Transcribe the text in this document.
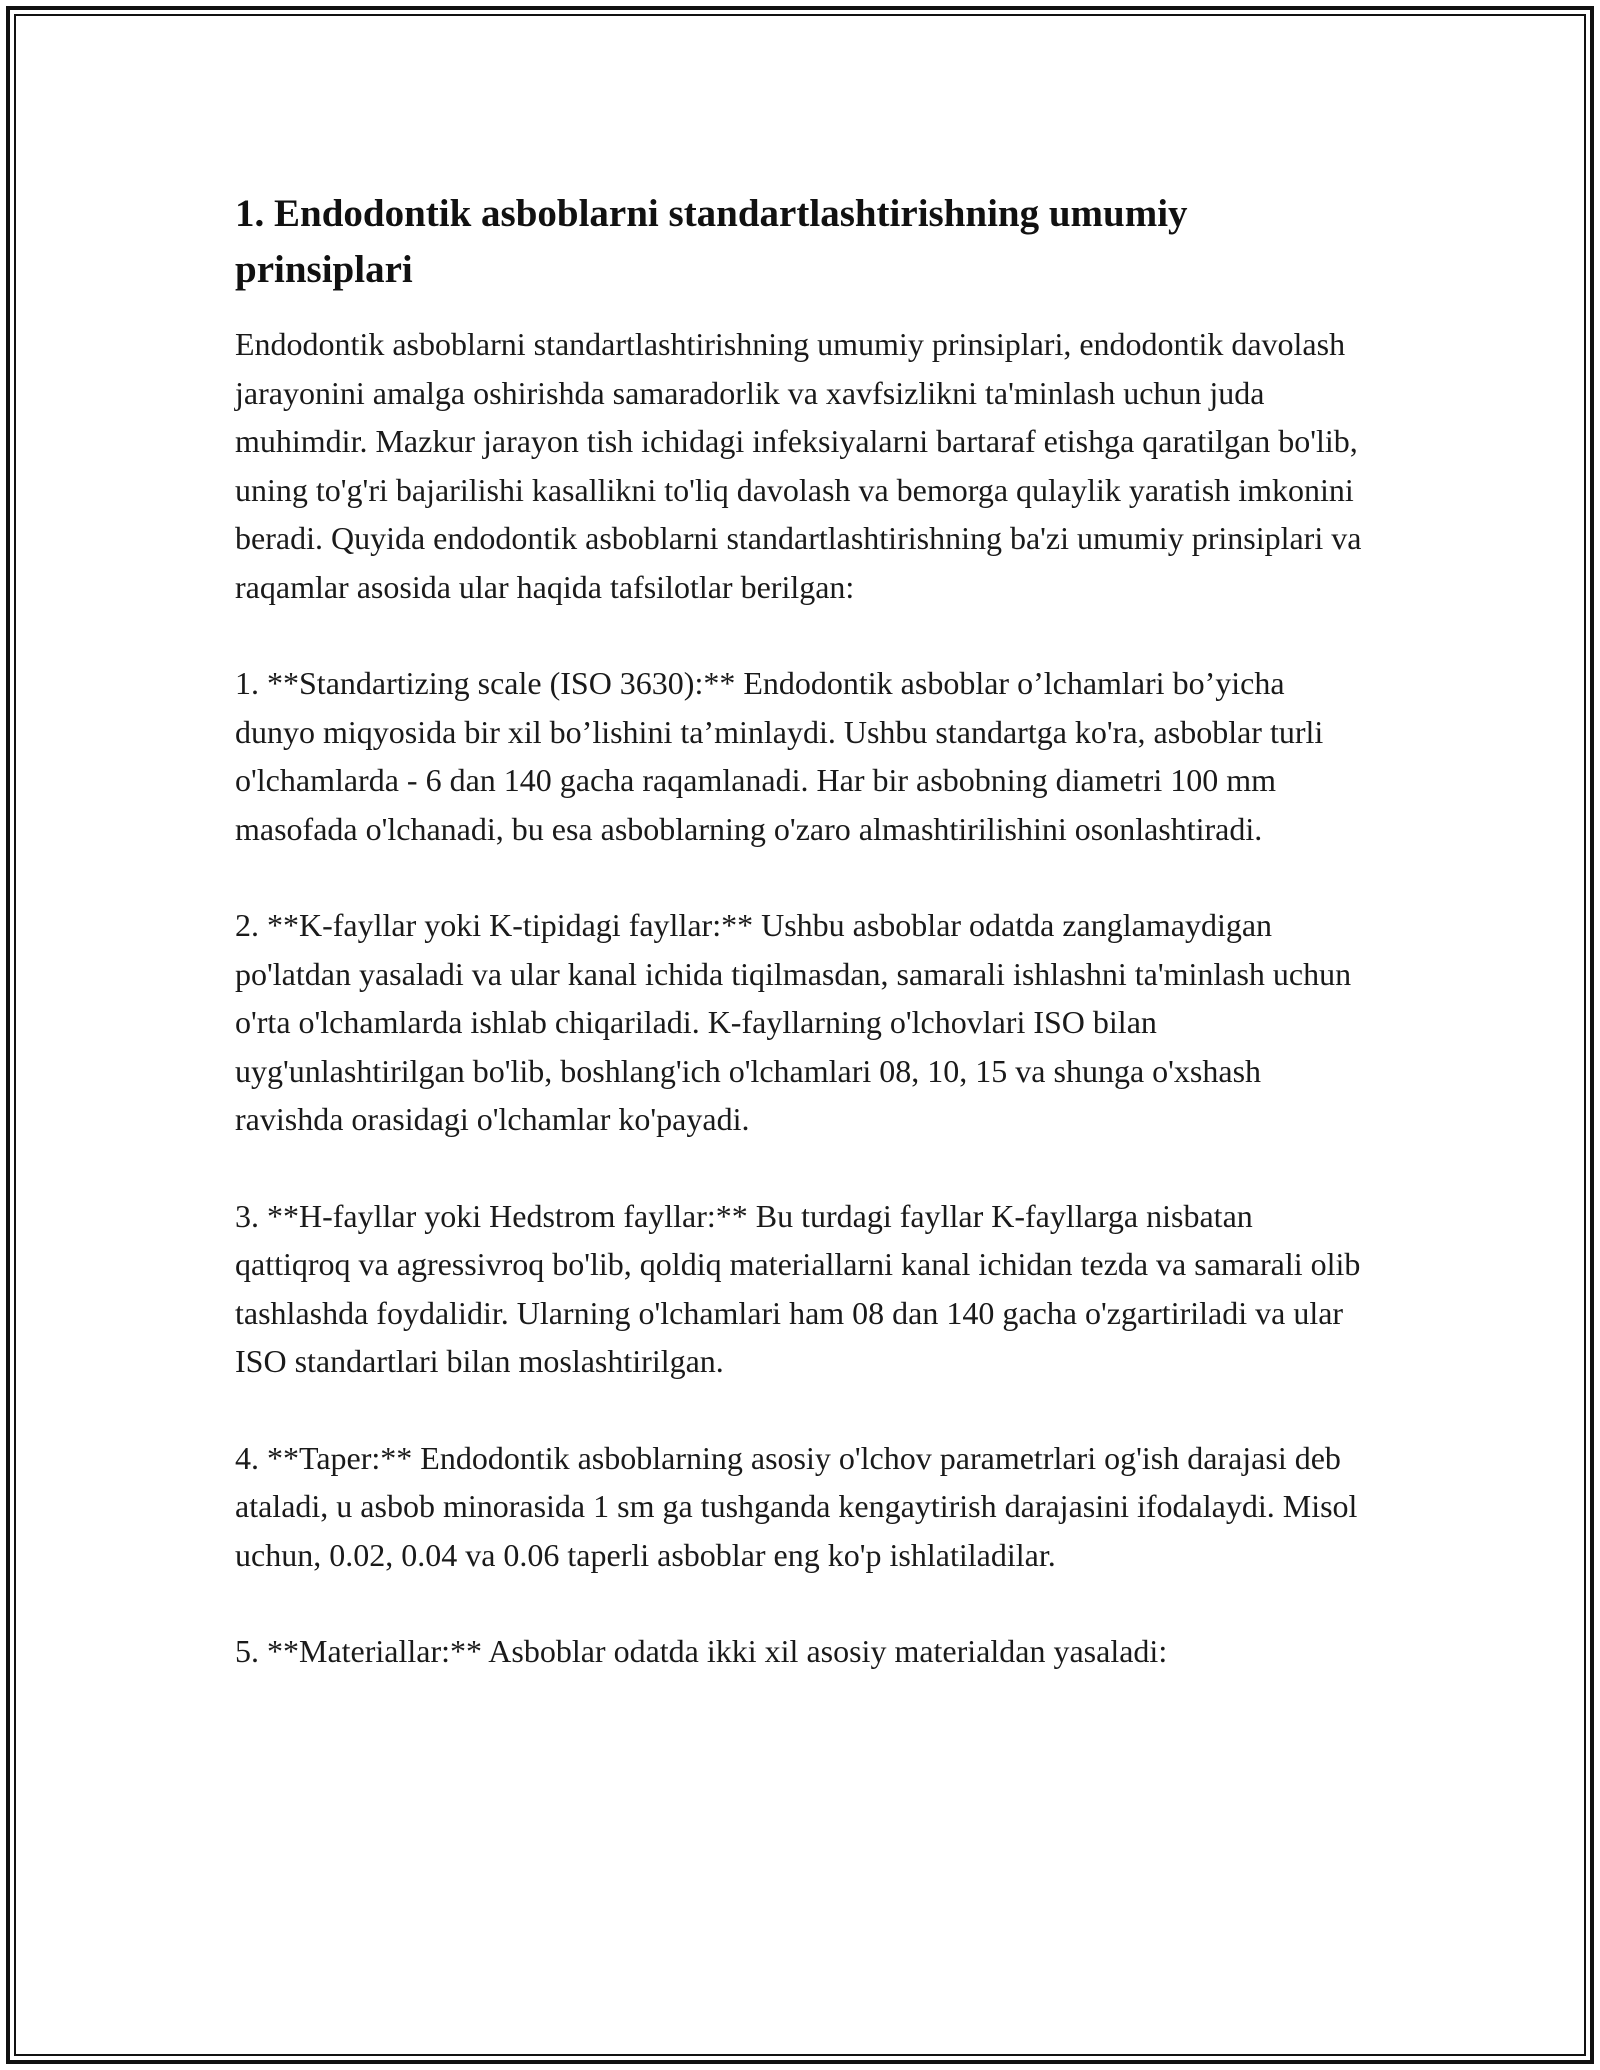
1. Endodontik asboblarni standartlashtirishning umumiy prinsiplari

Endodontik asboblarni standartlashtirishning umumiy prinsiplari, endodontik davolash jarayonini amalga oshirishda samaradorlik va xavfsizlikni ta'minlash uchun juda muhimdir. Mazkur jarayon tish ichidagi infeksiyalarni bartaraf etishga qaratilgan bo'lib, uning to'g'ri bajarilishi kasallikni to'liq davolash va bemorga qulaylik yaratish imkonini beradi. Quyida endodontik asboblarni standartlashtirishning ba'zi umumiy prinsiplari va raqamlar asosida ular haqida tafsilotlar berilgan:

1. **Standartizing scale (ISO 3630):** Endodontik asboblar o’lchamlari bo’yicha dunyo miqyosida bir xil bo’lishini ta’minlaydi. Ushbu standartga ko'ra, asboblar turli o'lchamlarda - 6 dan 140 gacha raqamlanadi. Har bir asbobning diametri 100 mm masofada o'lchanadi, bu esa asboblarning o'zaro almashtirilishini osonlashtiradi.

2. **K-fayllar yoki K-tipidagi fayllar:** Ushbu asboblar odatda zanglamaydigan po'latdan yasaladi va ular kanal ichida tiqilmasdan, samarali ishlashni ta'minlash uchun o'rta o'lchamlarda ishlab chiqariladi. K-fayllarning o'lchovlari ISO bilan uyg'unlashtirilgan bo'lib, boshlang'ich o'lchamlari 08, 10, 15 va shunga o'xshash ravishda orasidagi o'lchamlar ko'payadi.

3. **H-fayllar yoki Hedstrom fayllar:** Bu turdagi fayllar K-fayllarga nisbatan qattiqroq va agressivroq bo'lib, qoldiq materiallarni kanal ichidan tezda va samarali olib tashlashda foydalidir. Ularning o'lchamlari ham 08 dan 140 gacha o'zgartiriladi va ular ISO standartlari bilan moslashtirilgan.

4. **Taper:** Endodontik asboblarning asosiy o'lchov parametrlari og'ish darajasi deb ataladi, u asbob minorasida 1 sm ga tushganda kengaytirish darajasini ifodalaydi. Misol uchun, 0.02, 0.04 va 0.06 taperli asboblar eng ko'p ishlatiladilar.

5. **Materiallar:** Asboblar odatda ikki xil asosiy materialdan yasaladi:
